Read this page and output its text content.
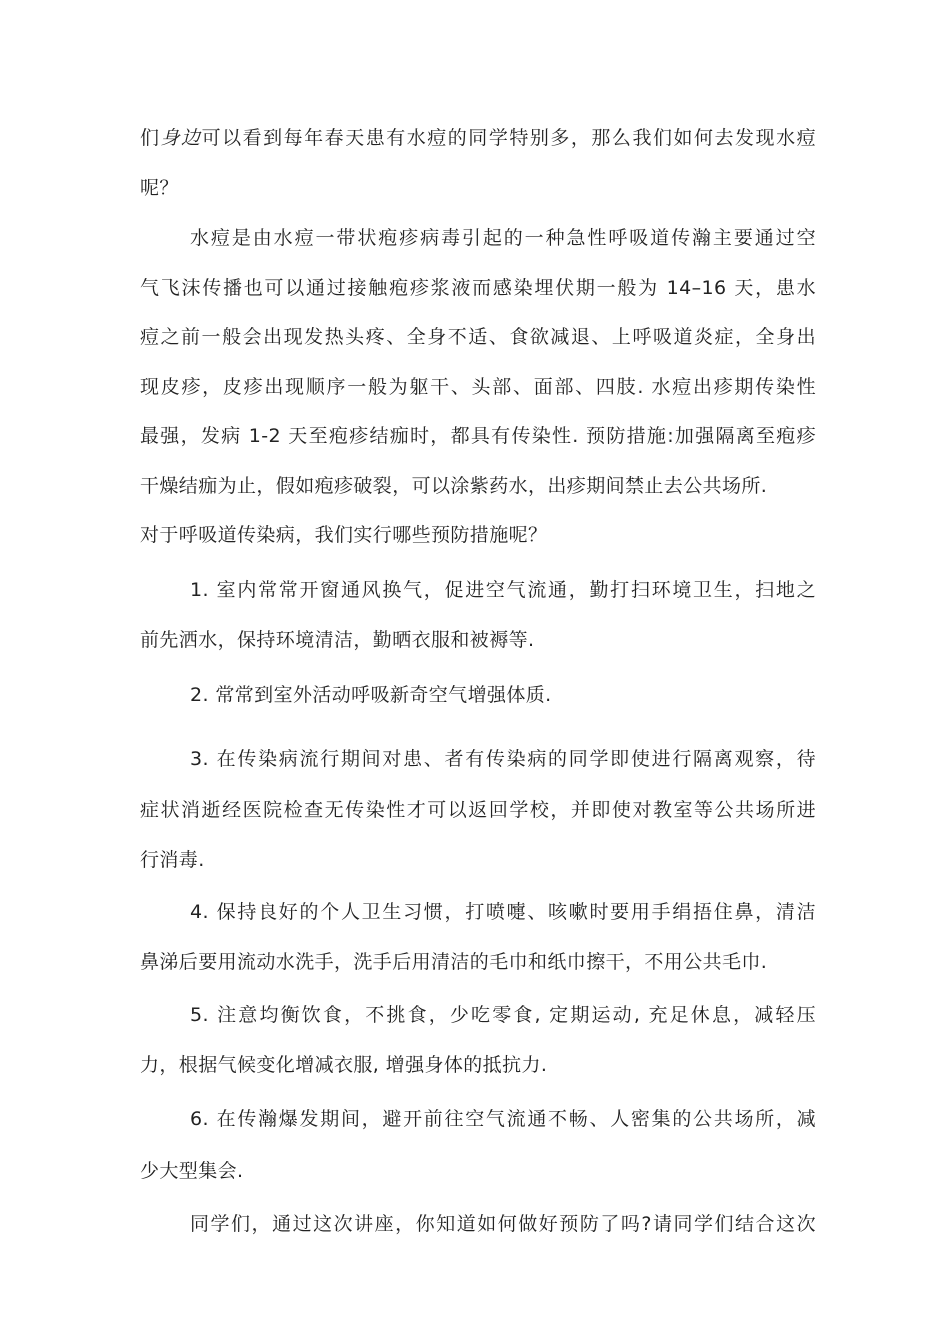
们身边可以看到每年春天患有水痘的同学特别多，那么我们如何去发现水痘
呢？
水痘是由水痘一带状疱疹病毒引起的一种急性呼吸道传瀚主要通过空
气飞沫传播也可以通过接触疱疹浆液而感染埋伏期一般为 14–16 天，患水
痘之前一般会出现发热头疼、全身不适、食欲减退、上呼吸道炎症，全身出
现皮疹，皮疹出现顺序一般为躯干、头部、面部、四肢. 水痘出疹期传染性
最强，发病 1-2 天至疱疹结痂时，都具有传染性. 预防措施:加强隔离至疱疹
干燥结痂为止，假如疱疹破裂，可以涂紫药水，出疹期间禁止去公共场所.
对于呼吸道传染病，我们实行哪些预防措施呢？
1. 室内常常开窗通风换气，促进空气流通，勤打扫环境卫生，扫地之
前先洒水，保持环境清洁，勤晒衣服和被褥等.
2. 常常到室外活动呼吸新奇空气增强体质.
3. 在传染病流行期间对患、者有传染病的同学即使进行隔离观察，待
症状消逝经医院检查无传染性才可以返回学校，并即使对教室等公共场所进
行消毒.
4. 保持良好的个人卫生习惯，打喷嚏、咳嗽时要用手绢捂住鼻，清洁
鼻涕后要用流动水洗手，洗手后用清洁的毛巾和纸巾擦干，不用公共毛巾.
5. 注意均衡饮食，不挑食，少吃零食, 定期运动, 充足休息，减轻压
力，根据气候变化增减衣服, 增强身体的抵抗力.
6. 在传瀚爆发期间，避开前往空气流通不畅、人密集的公共场所，减
少大型集会.
同学们，通过这次讲座，你知道如何做好预防了吗?请同学们结合这次
